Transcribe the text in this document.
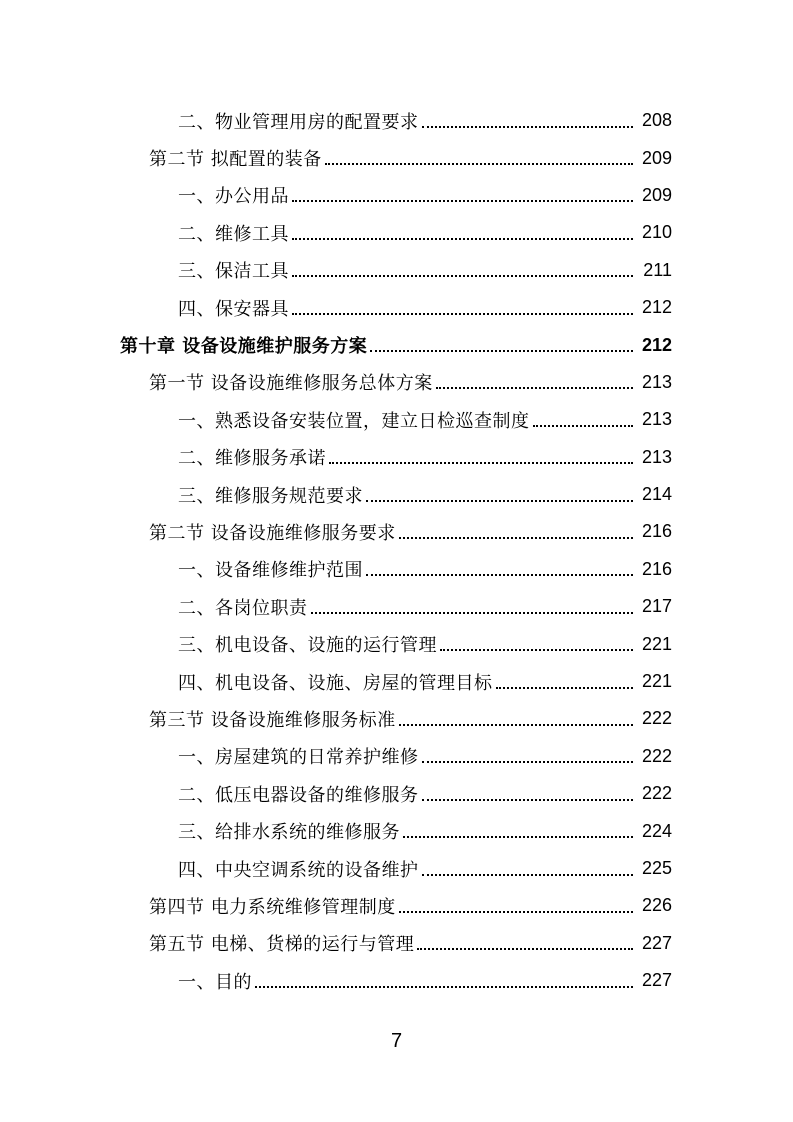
二、物业管理用房的配置要求	208
第二节 拟配置的装备	209
一、办公用品	209
二、维修工具	210
三、保洁工具	211
四、保安器具	212
第十章 设备设施维护服务方案	212
第一节 设备设施维修服务总体方案	213
一、熟悉设备安装位置，建立日检巡查制度	213
二、维修服务承诺	213
三、维修服务规范要求	214
第二节 设备设施维修服务要求	216
一、设备维修维护范围	216
二、各岗位职责	217
三、机电设备、设施的运行管理	221
四、机电设备、设施、房屋的管理目标	221
第三节 设备设施维修服务标准	222
一、房屋建筑的日常养护维修	222
二、低压电器设备的维修服务	222
三、给排水系统的维修服务	224
四、中央空调系统的设备维护	225
第四节 电力系统维修管理制度	226
第五节 电梯、货梯的运行与管理	227
一、目的	227
7
